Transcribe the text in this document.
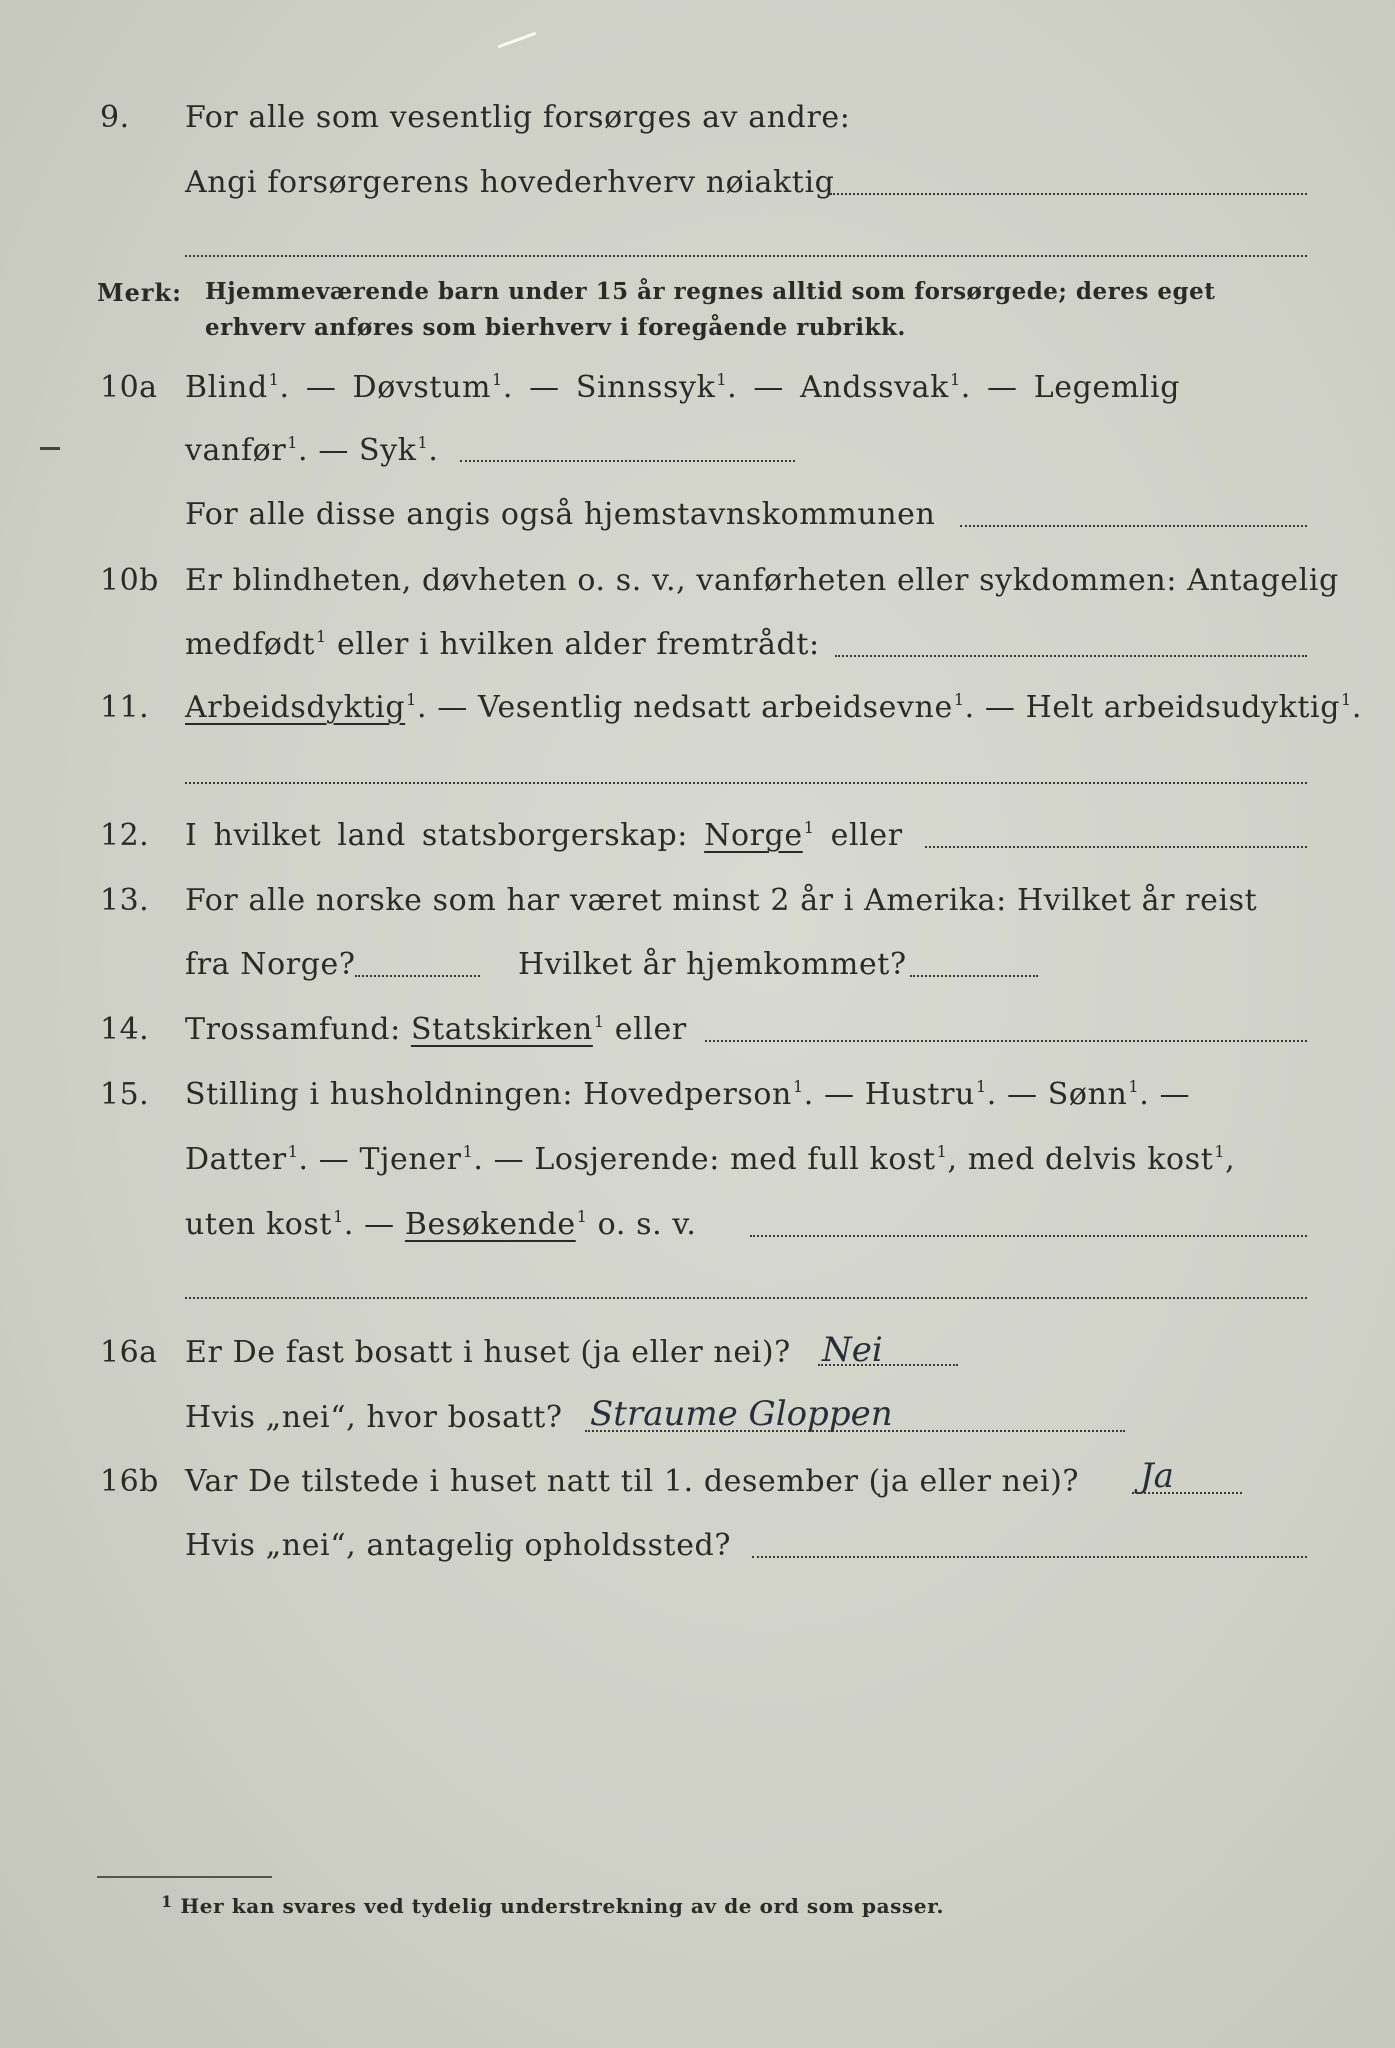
9. For alle som vesentlig forsørges av andre:
Angi forsørgerens hovederhverv nøiaktig
Merk: Hjemmeværende barn under 15 år regnes alltid som forsørgede; deres eget erhverv anføres som bierhverv i foregående rubrikk.
10a Blind$^1$. — Døvstum$^1$. — Sinnssyk$^1$. — Andssvak$^1$. — Legemlig
vanfør$^1$. — Syk$^1$.
For alle disse angis også hjemstavnskommunen
10b Er blindheten, døvheten o. s. v., vanførheten eller sykdommen: Antagelig
medfødt$^1$ eller i hvilken alder fremtrådt:
11. Arbeidsdyktig$^1$. — Vesentlig nedsatt arbeidsevne$^1$. — Helt arbeidsudyktig$^1$.
12. I hvilket land statsborgerskap: Norge$^1$ eller
13. For alle norske som har været minst 2 år i Amerika: Hvilket år reist
fra Norge?	Hvilket år hjemkommet?
14. Trossamfund: Statskirken$^1$ eller
15. Stilling i husholdningen: Hovedperson$^1$. — Hustru$^1$. — Sønn$^1$. —
Datter$^1$. — Tjener$^1$. — Losjerende: med full kost$^1$, med delvis kost$^1$,
uten kost$^1$. — Besøkende$^1$ o. s. v.
16a Er De fast bosatt i huset (ja eller nei)? Nei
Hvis „nei“, hvor bosatt? Straume Gloppen
16b Var De tilstede i huset natt til 1. desember (ja eller nei)? Ja
Hvis „nei“, antagelig opholdssted?
$^1$ Her kan svares ved tydelig understrekning av de ord som passer.
